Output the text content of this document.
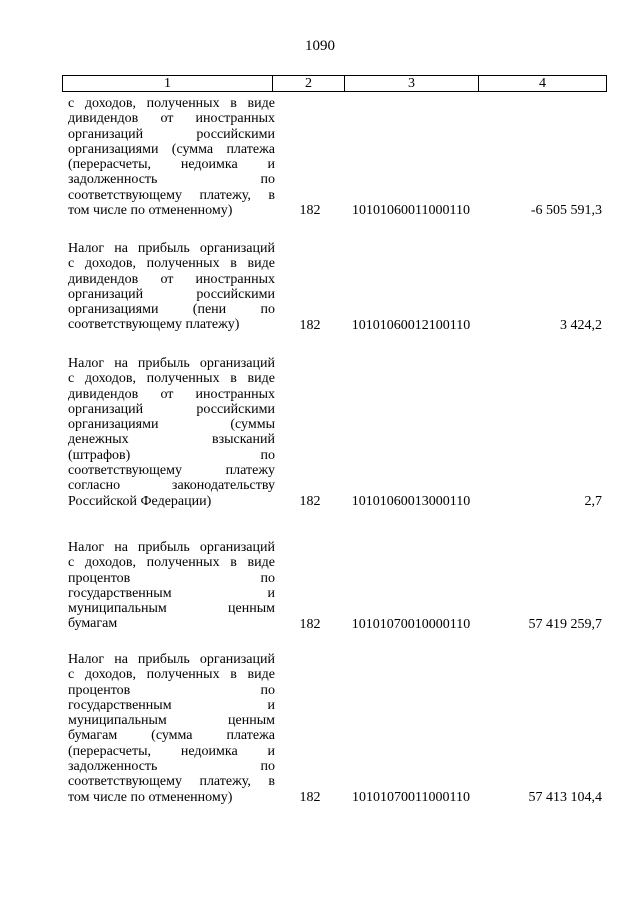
1090
1	2	3	4
с доходов, полученных в виде
дивидендов от иностранных
организаций российскими
организациями (сумма платежа
(перерасчеты, недоимка и
задолженность по
соответствующему платежу, в
том числе по отмененному)	182	10101060011000110	-6 505 591,3
Налог на прибыль организаций
с доходов, полученных в виде
дивидендов от иностранных
организаций российскими
организациями (пени по
соответствующему платежу)	182	10101060012100110	3 424,2
Налог на прибыль организаций
с доходов, полученных в виде
дивидендов от иностранных
организаций российскими
организациями (суммы
денежных взысканий
(штрафов) по
соответствующему платежу
согласно законодательству
Российской Федерации)	182	10101060013000110	2,7
Налог на прибыль организаций
с доходов, полученных в виде
процентов по
государственным и
муниципальным ценным
бумагам	182	10101070010000110	57 419 259,7
Налог на прибыль организаций
с доходов, полученных в виде
процентов по
государственным и
муниципальным ценным
бумагам (сумма платежа
(перерасчеты, недоимка и
задолженность по
соответствующему платежу, в
том числе по отмененному)	182	10101070011000110	57 413 104,4
